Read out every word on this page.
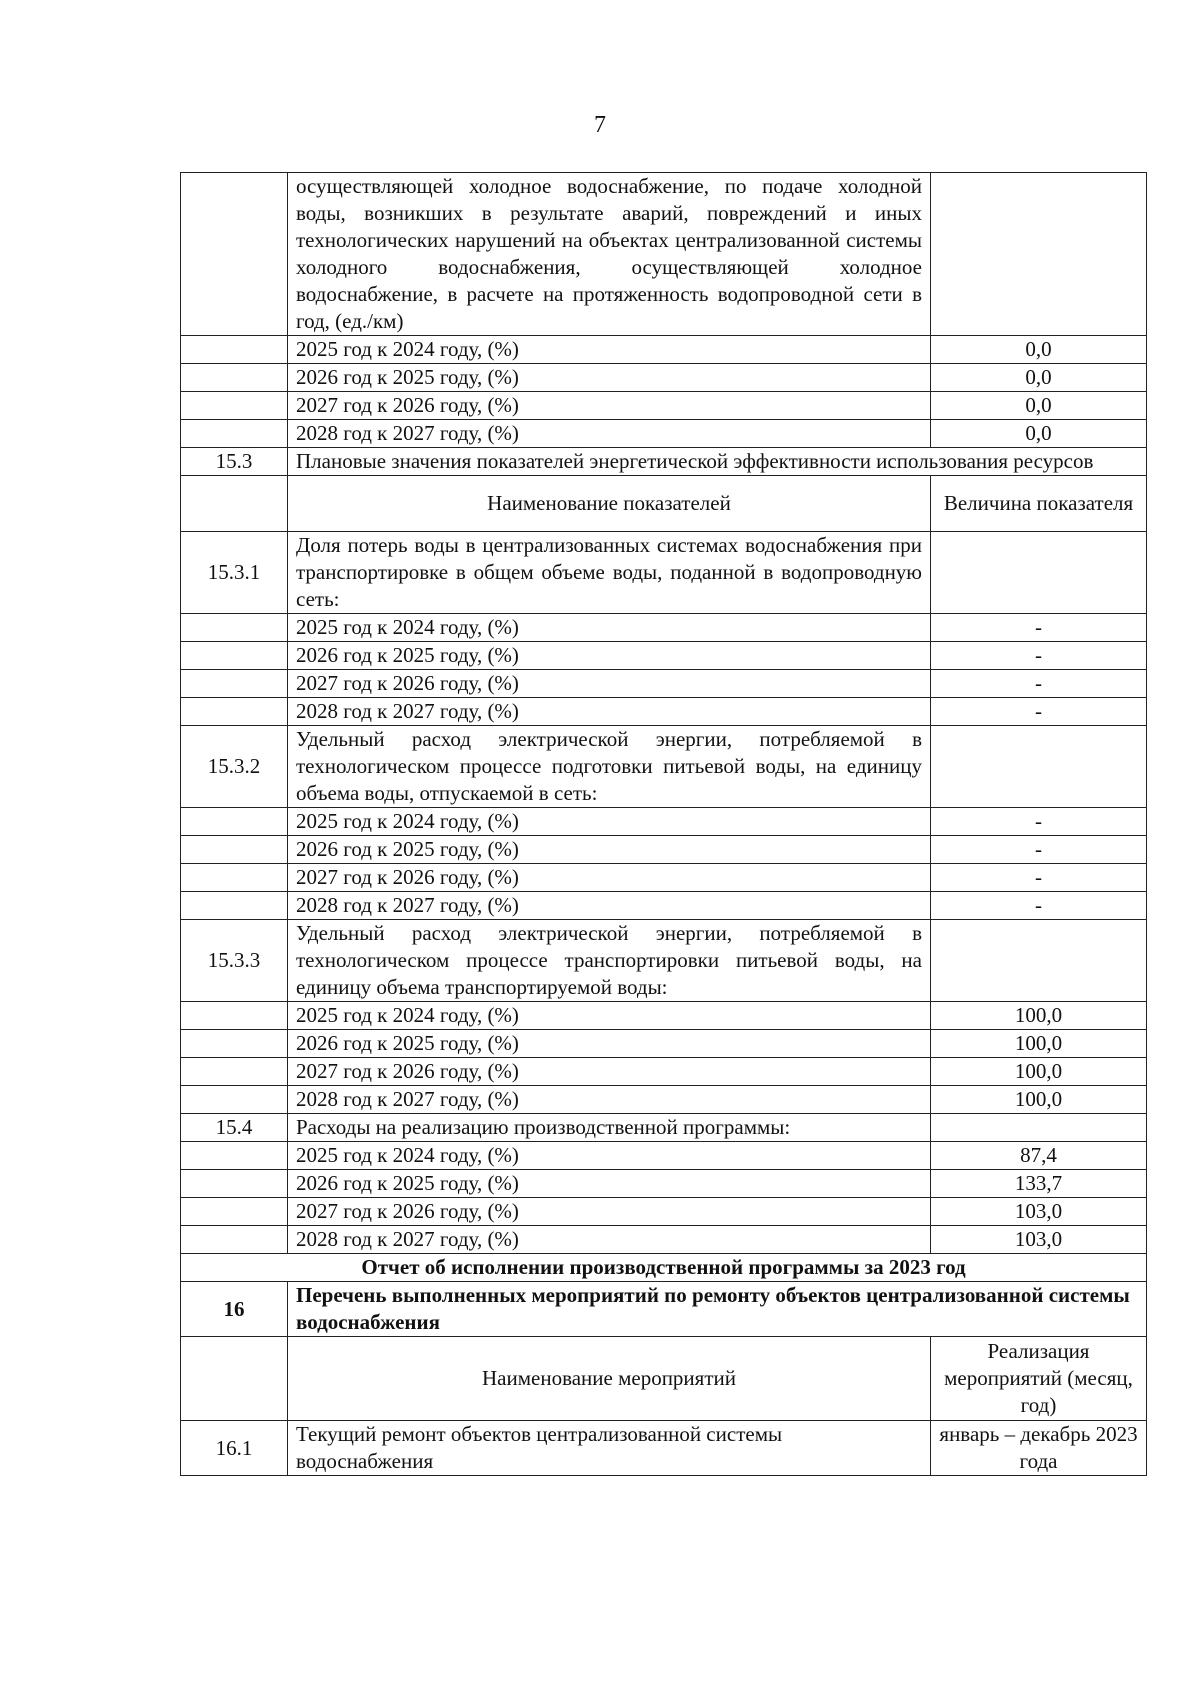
7
	осуществляющей холодное водоснабжение, по подаче холодной воды, возникших в результате аварий, повреждений и иных технологических нарушений на объектах централизованной системы холодного водоснабжения, осуществляющей холодное водоснабжение, в расчете на протяженность водопроводной сети в год, (ед./км)	
	2025 год к 2024 году, (%)	0,0
	2026 год к 2025 году, (%)	0,0
	2027 год к 2026 году, (%)	0,0
	2028 год к 2027 году, (%)	0,0
15.3	Плановые значения показателей энергетической эффективности использования ресурсов	
	Наименование показателей	Величина показателя
15.3.1	Доля потерь воды в централизованных системах водоснабжения при транспортировке в общем объеме воды, поданной в водопроводную сеть:	
	2025 год к 2024 году, (%)	-
	2026 год к 2025 году, (%)	-
	2027 год к 2026 году, (%)	-
	2028 год к 2027 году, (%)	-
15.3.2	Удельный расход электрической энергии, потребляемой в технологическом процессе подготовки питьевой воды, на единицу объема воды, отпускаемой в сеть:	
	2025 год к 2024 году, (%)	-
	2026 год к 2025 году, (%)	-
	2027 год к 2026 году, (%)	-
	2028 год к 2027 году, (%)	-
15.3.3	Удельный расход электрической энергии, потребляемой в технологическом процессе транспортировки питьевой воды, на единицу объема транспортируемой воды:	
	2025 год к 2024 году, (%)	100,0
	2026 год к 2025 году, (%)	100,0
	2027 год к 2026 году, (%)	100,0
	2028 год к 2027 году, (%)	100,0
15.4	Расходы на реализацию производственной программы:	
	2025 год к 2024 году, (%)	87,4
	2026 год к 2025 году, (%)	133,7
	2027 год к 2026 году, (%)	103,0
	2028 год к 2027 году, (%)	103,0
Отчет об исполнении производственной программы за 2023 год		
16	Перечень выполненных мероприятий по ремонту объектов централизованной системы водоснабжения	
	Наименование мероприятий	Реализация мероприятий (месяц, год)
16.1	Текущий ремонт объектов централизованной системы водоснабжения	январь – декабрь 2023 года
